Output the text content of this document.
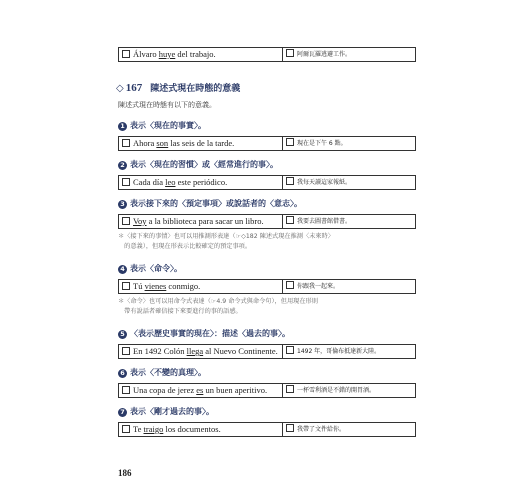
Álvaro huye del trabajo.	阿爾瓦羅逃避工作。
◇ 167 陳述式現在時態的意義
陳述式現在時態有以下的意義。
1 表示〈現在的事實〉。
Ahora son las seis de la tarde.	現在是下午 6 點。
2 表示〈現在的習慣〉或〈經常進行的事〉。
Cada día leo este periódico.	我每天讀這家報紙。
3 表示接下來的〈預定事項〉或說話者的〈意志〉。
Voy a la biblioteca para sacar un libro.	我要去圖書館借書。
＊〈接下來的事情〉也可以用推測形表達（☞◇182 陳述式現在推測〈未來時〉
　的意義），但現在形表示比較確定的預定事項。
4 表示〈命令〉。
Tú vienes conmigo.	你跟我一起來。
＊〈命令〉也可以用命令式表達（☞4.9 命令式與命令句），但用現在形則
　帶有說話者確信接下來要進行的事的語感。
5 〈表示歷史事實的現在〉：描述〈過去的事〉。
En 1492 Colón llega al Nuevo Continente.	1492 年，哥倫布抵達新大陸。
6 表示〈不變的真理〉。
Una copa de jerez es un buen aperitivo.	一杯雪利酒是不錯的開胃酒。
7 表示〈剛才過去的事〉。
Te traigo los documentos.	我帶了文件給你。
186
